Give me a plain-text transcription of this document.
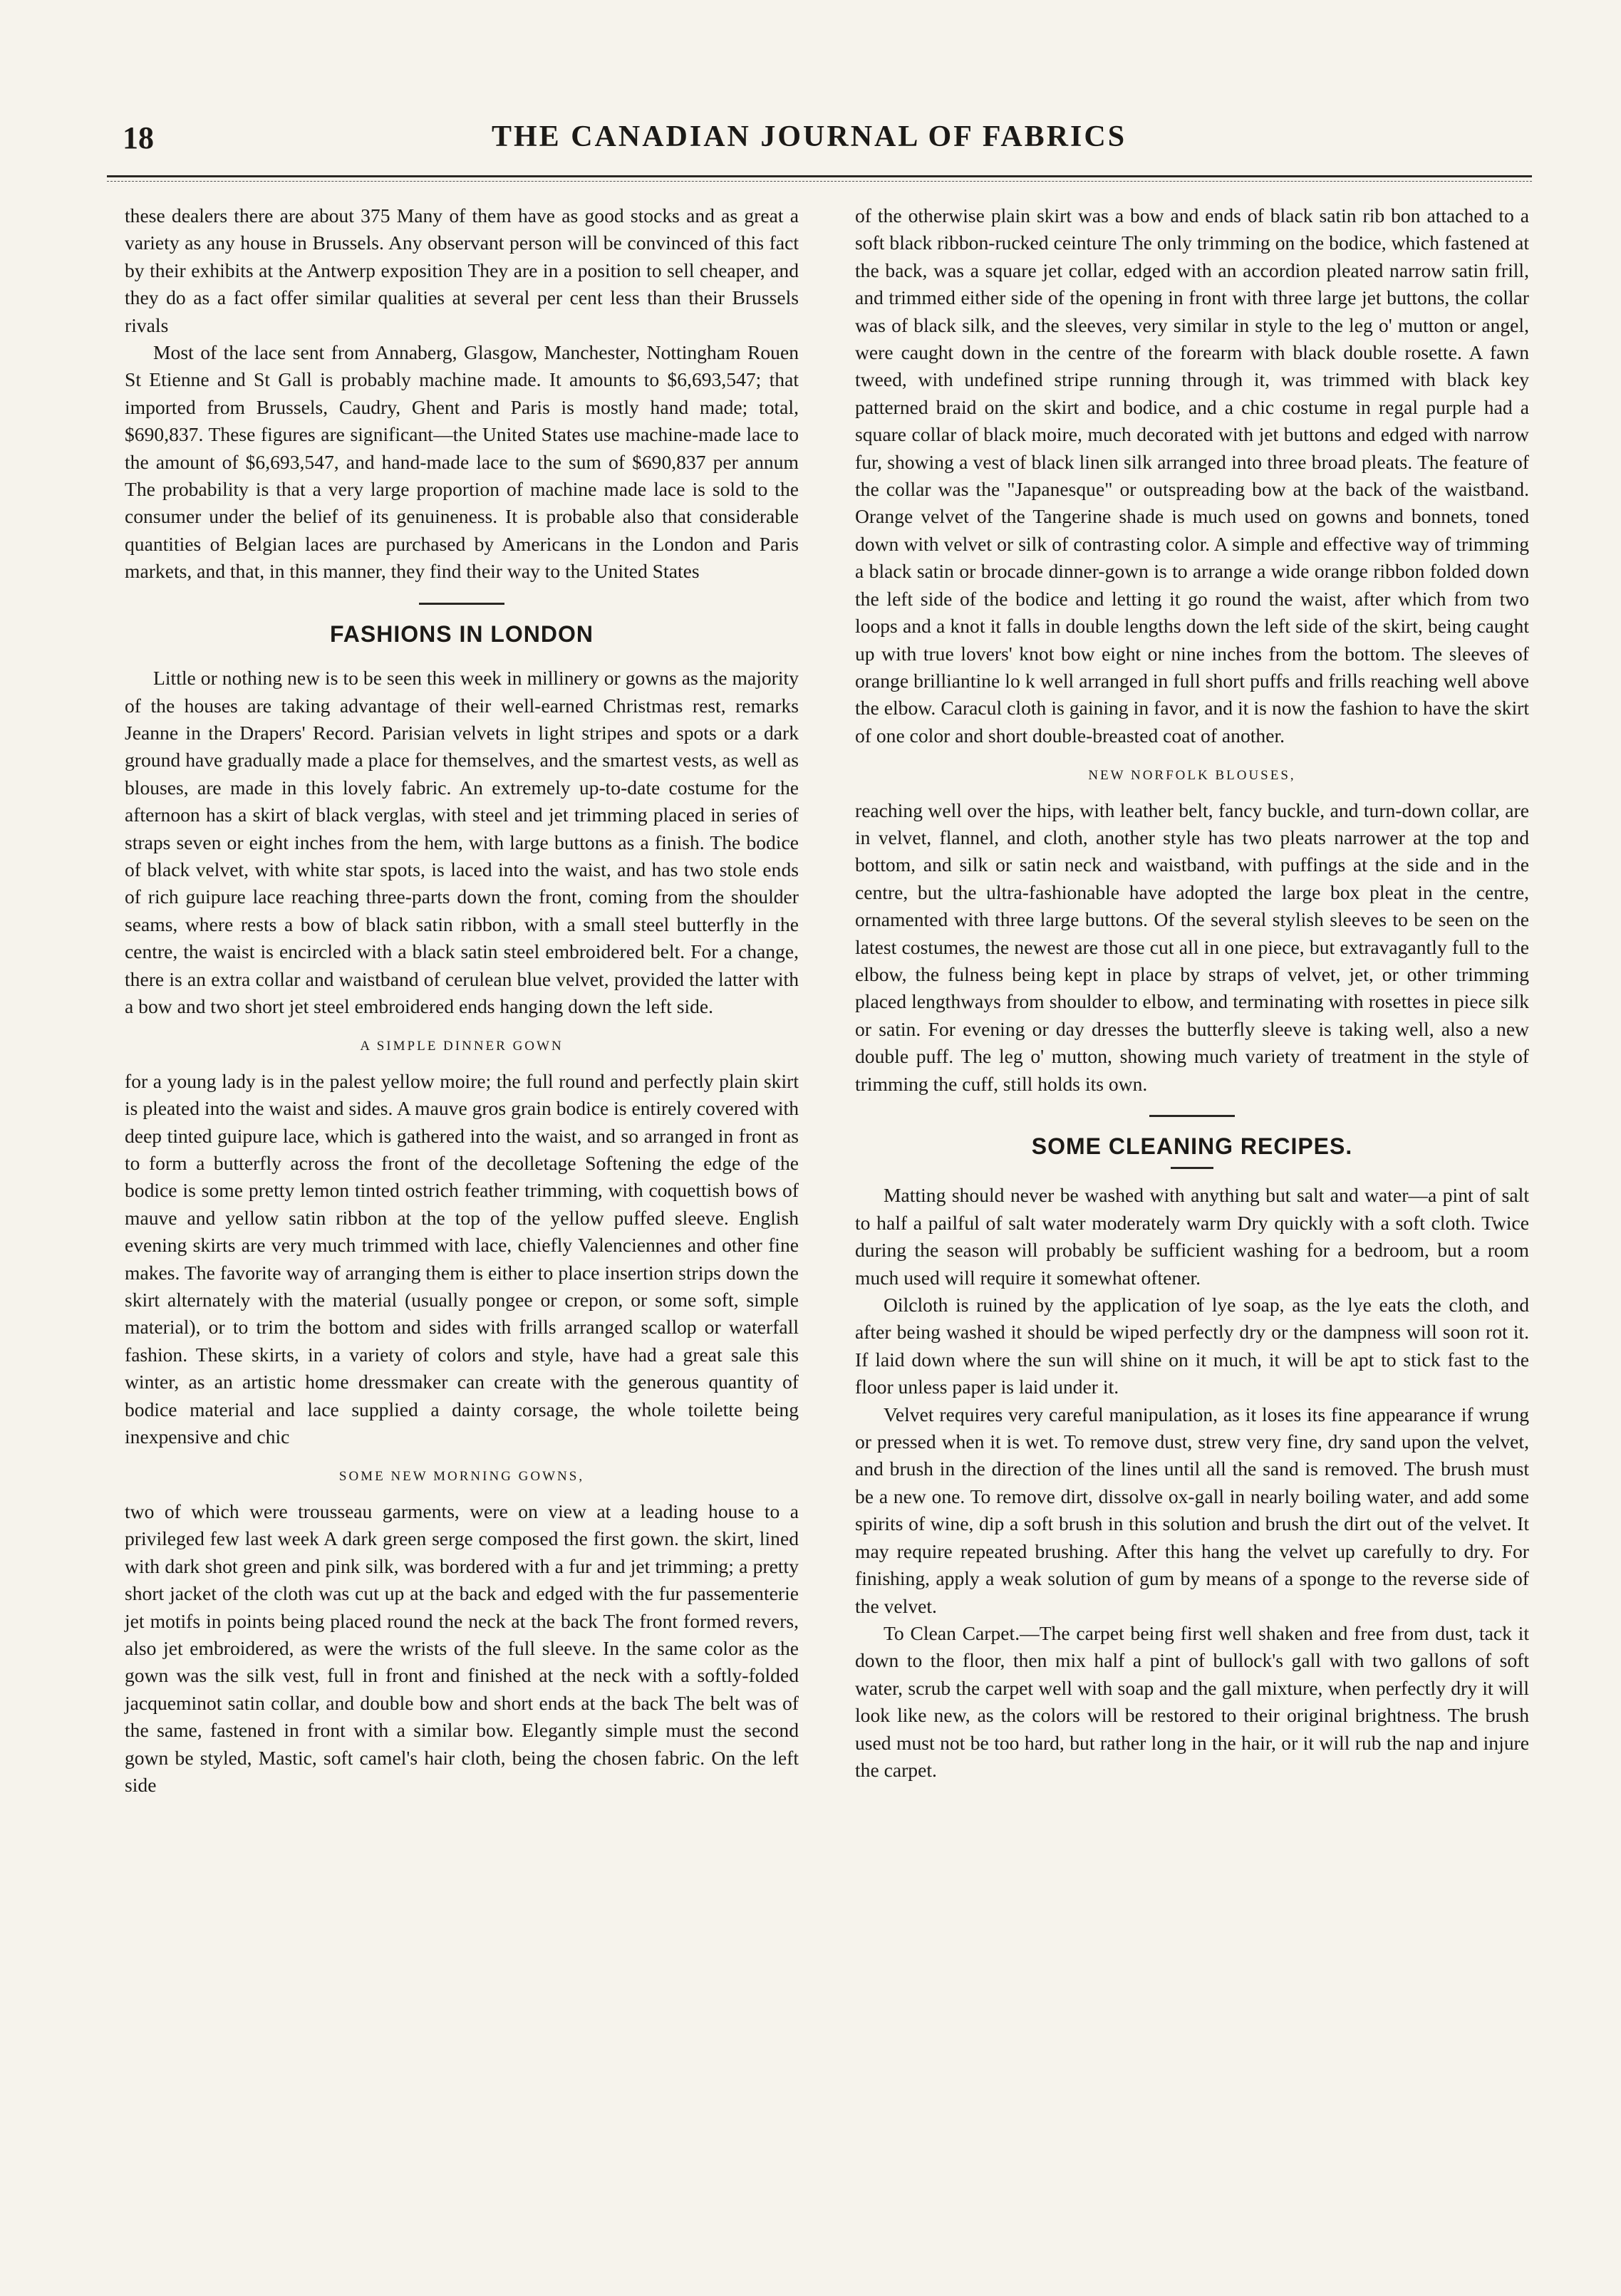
18	THE CANADIAN JOURNAL OF FABRICS

these dealers there are about 375 Many of them have as good stocks and as great a variety as any house in Brussels. Any observant person will be convinced of this fact by their exhibits at the Antwerp exposition They are in a position to sell cheaper, and they do as a fact offer similar qualities at several per cent less than their Brussels rivals

Most of the lace sent from Annaberg, Glasgow, Manchester, Nottingham Rouen St Etienne and St Gall is probably machine made. It amounts to $6,693,547; that imported from Brussels, Caudry, Ghent and Paris is mostly hand made; total, $690,837. These figures are significant—the United States use machine-made lace to the amount of $6,693,547, and hand-made lace to the sum of $690,837 per annum The probability is that a very large proportion of machine made lace is sold to the consumer under the belief of its genuineness. It is probable also that considerable quantities of Belgian laces are purchased by Americans in the London and Paris markets, and that, in this manner, they find their way to the United States

FASHIONS IN LONDON

Little or nothing new is to be seen this week in millinery or gowns as the majority of the houses are taking advantage of their well-earned Christmas rest, remarks Jeanne in the Drapers' Record. Parisian velvets in light stripes and spots or a dark ground have gradually made a place for themselves, and the smartest vests, as well as blouses, are made in this lovely fabric. An extremely up-to-date costume for the afternoon has a skirt of black verglas, with steel and jet trimming placed in series of straps seven or eight inches from the hem, with large buttons as a finish. The bodice of black velvet, with white star spots, is laced into the waist, and has two stole ends of rich guipure lace reaching three-parts down the front, coming from the shoulder seams, where rests a bow of black satin ribbon, with a small steel butterfly in the centre, the waist is encircled with a black satin steel embroidered belt. For a change, there is an extra collar and waistband of cerulean blue velvet, provided the latter with a bow and two short jet steel embroidered ends hanging down the left side.

A SIMPLE DINNER GOWN

for a young lady is in the palest yellow moire; the full round and perfectly plain skirt is pleated into the waist and sides. A mauve gros grain bodice is entirely covered with deep tinted guipure lace, which is gathered into the waist, and so arranged in front as to form a butterfly across the front of the decolletage Softening the edge of the bodice is some pretty lemon tinted ostrich feather trimming, with coquettish bows of mauve and yellow satin ribbon at the top of the yellow puffed sleeve. English evening skirts are very much trimmed with lace, chiefly Valenciennes and other fine makes. The favorite way of arranging them is either to place insertion strips down the skirt alternately with the material (usually pongee or crepon, or some soft, simple material), or to trim the bottom and sides with frills arranged scallop or waterfall fashion. These skirts, in a variety of colors and style, have had a great sale this winter, as an artistic home dressmaker can create with the generous quantity of bodice material and lace supplied a dainty corsage, the whole toilette being inexpensive and chic

SOME NEW MORNING GOWNS,

two of which were trousseau garments, were on view at a leading house to a privileged few last week A dark green serge composed the first gown. the skirt, lined with dark shot green and pink silk, was bordered with a fur and jet trimming; a pretty short jacket of the cloth was cut up at the back and edged with the fur passementerie jet motifs in points being placed round the neck at the back The front formed revers, also jet embroidered, as were the wrists of the full sleeve. In the same color as the gown was the silk vest, full in front and finished at the neck with a softly-folded jacqueminot satin collar, and double bow and short ends at the back The belt was of the same, fastened in front with a similar bow. Elegantly simple must the second gown be styled, Mastic, soft camel's hair cloth, being the chosen fabric. On the left side

of the otherwise plain skirt was a bow and ends of black satin rib bon attached to a soft black ribbon-rucked ceinture The only trimming on the bodice, which fastened at the back, was a square jet collar, edged with an accordion pleated narrow satin frill, and trimmed either side of the opening in front with three large jet buttons, the collar was of black silk, and the sleeves, very similar in style to the leg o' mutton or angel, were caught down in the centre of the forearm with black double rosette. A fawn tweed, with undefined stripe running through it, was trimmed with black key patterned braid on the skirt and bodice, and a chic costume in regal purple had a square collar of black moire, much decorated with jet buttons and edged with narrow fur, showing a vest of black linen silk arranged into three broad pleats. The feature of the collar was the "Japanesque" or outspreading bow at the back of the waistband. Orange velvet of the Tangerine shade is much used on gowns and bonnets, toned down with velvet or silk of contrasting color. A simple and effective way of trimming a black satin or brocade dinner-gown is to arrange a wide orange ribbon folded down the left side of the bodice and letting it go round the waist, after which from two loops and a knot it falls in double lengths down the left side of the skirt, being caught up with true lovers' knot bow eight or nine inches from the bottom. The sleeves of orange brilliantine lo k well arranged in full short puffs and frills reaching well above the elbow. Caracul cloth is gaining in favor, and it is now the fashion to have the skirt of one color and short double-breasted coat of another.

NEW NORFOLK BLOUSES,

reaching well over the hips, with leather belt, fancy buckle, and turn-down collar, are in velvet, flannel, and cloth, another style has two pleats narrower at the top and bottom, and silk or satin neck and waistband, with puffings at the side and in the centre, but the ultra-fashionable have adopted the large box pleat in the centre, ornamented with three large buttons. Of the several stylish sleeves to be seen on the latest costumes, the newest are those cut all in one piece, but extravagantly full to the elbow, the fulness being kept in place by straps of velvet, jet, or other trimming placed lengthways from shoulder to elbow, and terminating with rosettes in piece silk or satin. For evening or day dresses the butterfly sleeve is taking well, also a new double puff. The leg o' mutton, showing much variety of treatment in the style of trimming the cuff, still holds its own.

SOME CLEANING RECIPES.

Matting should never be washed with anything but salt and water—a pint of salt to half a pailful of salt water moderately warm Dry quickly with a soft cloth. Twice during the season will probably be sufficient washing for a bedroom, but a room much used will require it somewhat oftener.

Oilcloth is ruined by the application of lye soap, as the lye eats the cloth, and after being washed it should be wiped perfectly dry or the dampness will soon rot it. If laid down where the sun will shine on it much, it will be apt to stick fast to the floor unless paper is laid under it.

Velvet requires very careful manipulation, as it loses its fine appearance if wrung or pressed when it is wet. To remove dust, strew very fine, dry sand upon the velvet, and brush in the direction of the lines until all the sand is removed. The brush must be a new one. To remove dirt, dissolve ox-gall in nearly boiling water, and add some spirits of wine, dip a soft brush in this solution and brush the dirt out of the velvet. It may require repeated brushing. After this hang the velvet up carefully to dry. For finishing, apply a weak solution of gum by means of a sponge to the reverse side of the velvet.

To Clean Carpet.—The carpet being first well shaken and free from dust, tack it down to the floor, then mix half a pint of bullock's gall with two gallons of soft water, scrub the carpet well with soap and the gall mixture, when perfectly dry it will look like new, as the colors will be restored to their original brightness. The brush used must not be too hard, but rather long in the hair, or it will rub the nap and injure the carpet.
